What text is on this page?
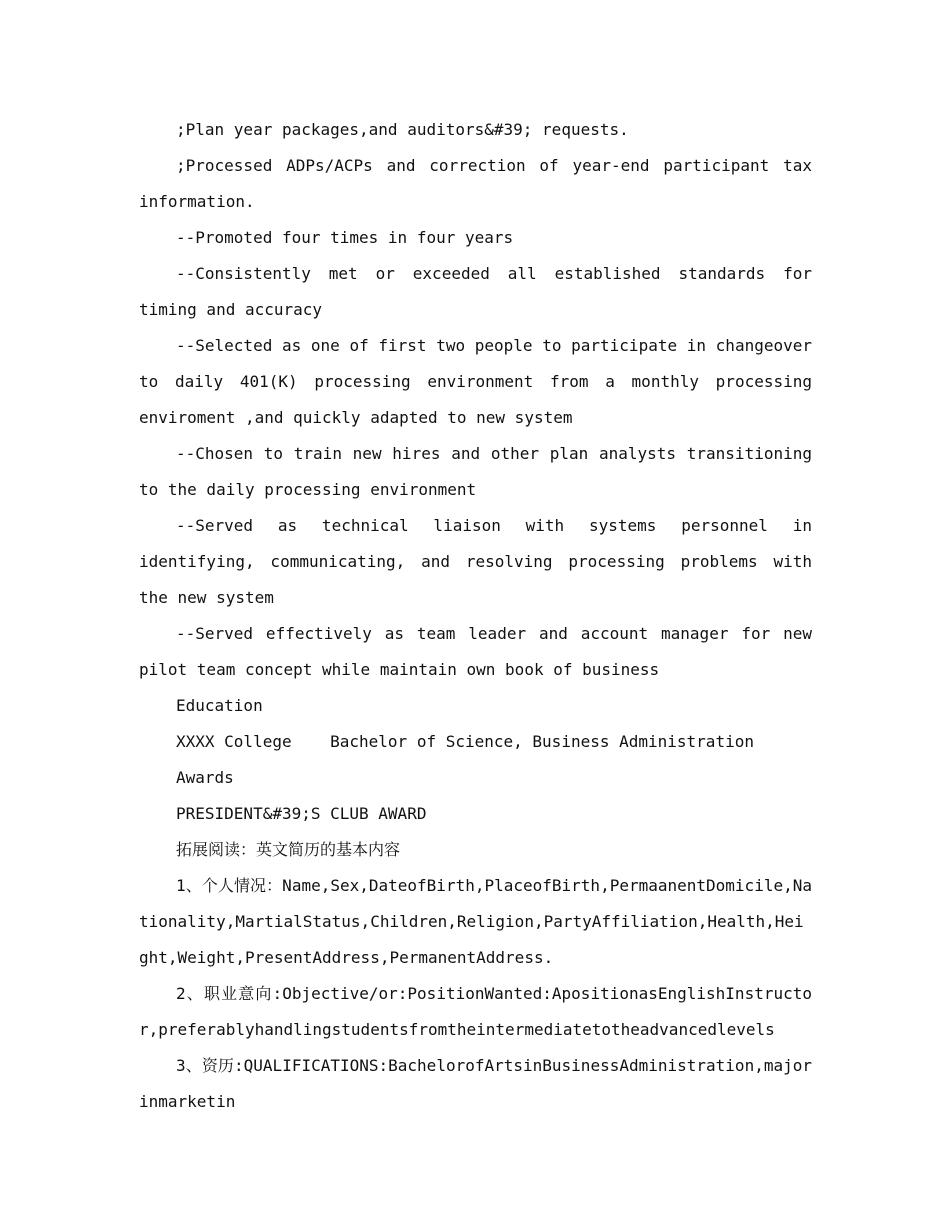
;Plan year packages,and auditors&#39; requests.

;Processed ADPs/ACPs and correction of year-end participant tax information.

--Promoted four times in four years

--Consistently met or exceeded all established standards for timing and accuracy

--Selected as one of first two people to participate in changeover to daily 401(K) processing environment from a monthly processing enviroment ,and quickly adapted to new system

--Chosen to train new hires and other plan analysts transitioning to the daily processing environment

--Served as technical liaison with systems personnel in identifying, communicating, and resolving processing problems with the new system

--Served effectively as team leader and account manager for new pilot team concept while maintain own book of business

Education

XXXX College    Bachelor of Science, Business Administration

Awards

PRESIDENT&#39;S CLUB AWARD

拓展阅读：英文简历的基本内容

1、个人情况：Name,Sex,DateofBirth,PlaceofBirth,PermaanentDomicile,Nationality,MartialStatus,Children,Religion,PartyAffiliation,Health,Height,Weight,PresentAddress,PermanentAddress.

2、职业意向:Objective/or:PositionWanted:ApositionasEnglishInstructor,preferablyhandlingstudentsfromtheintermediatetotheadvancedlevels

3、资历:QUALIFICATIONS:BachelorofArtsinBusinessAdministration,majorinmarketin
